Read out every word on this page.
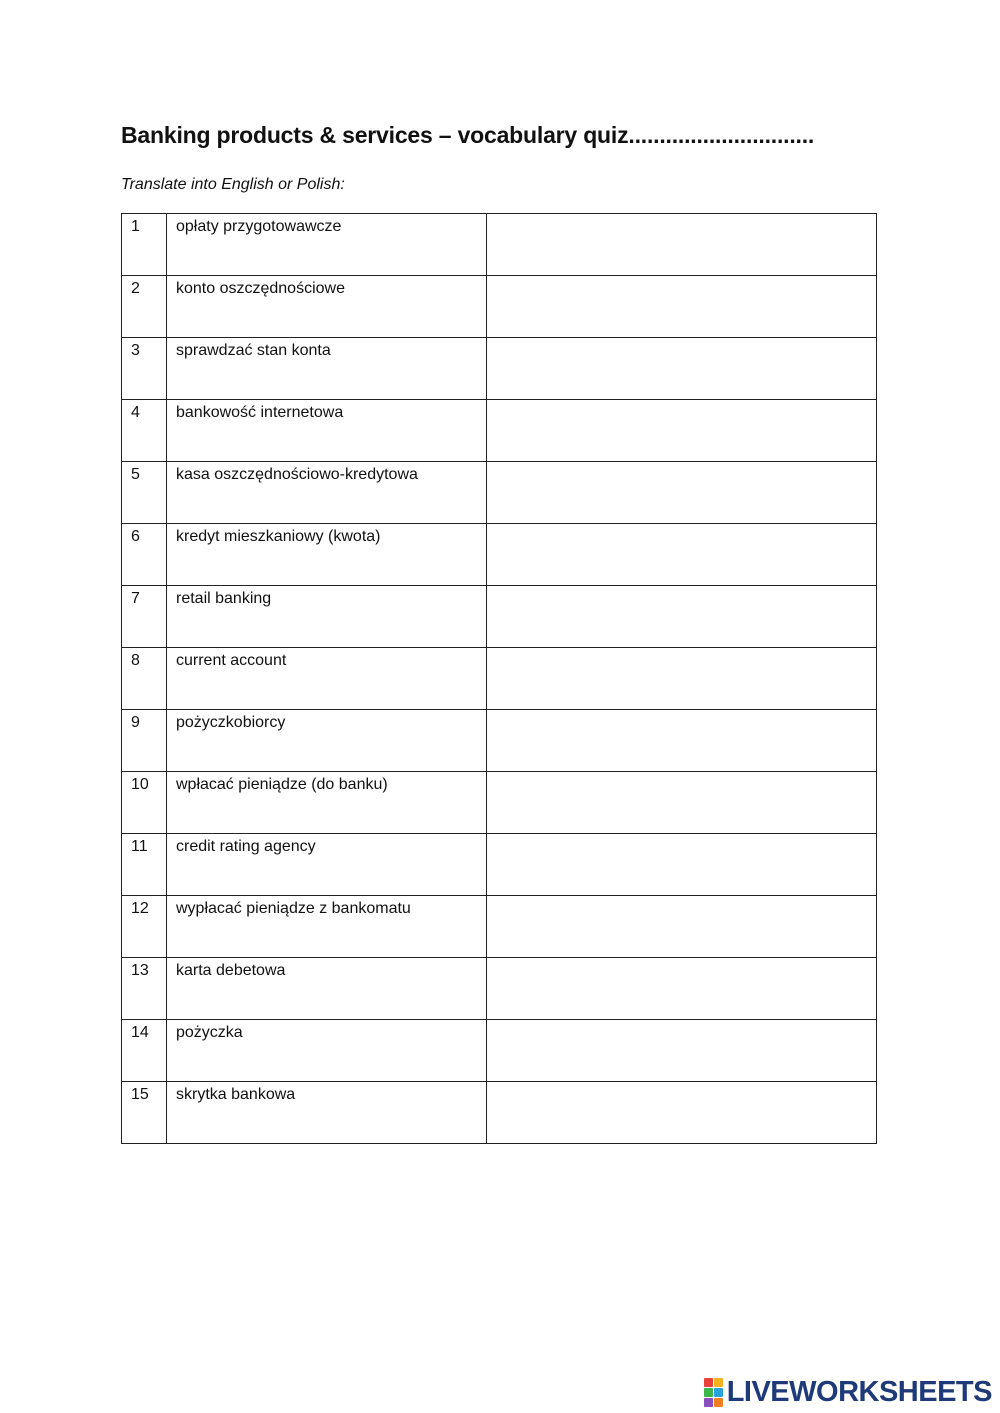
Banking products & services – vocabulary quiz..............................

Translate into English or Polish:

1	opłaty przygotowawcze	
2	konto oszczędnościowe	
3	sprawdzać stan konta	
4	bankowość internetowa	
5	kasa oszczędnościowo-kredytowa	
6	kredyt mieszkaniowy (kwota)	
7	retail banking	
8	current account	
9	pożyczkobiorcy	
10	wpłacać pieniądze (do banku)	
11	credit rating agency	
12	wypłacać pieniądze z bankomatu	
13	karta debetowa	
14	pożyczka	
15	skrytka bankowa	
LIVEWORKSHEETS
